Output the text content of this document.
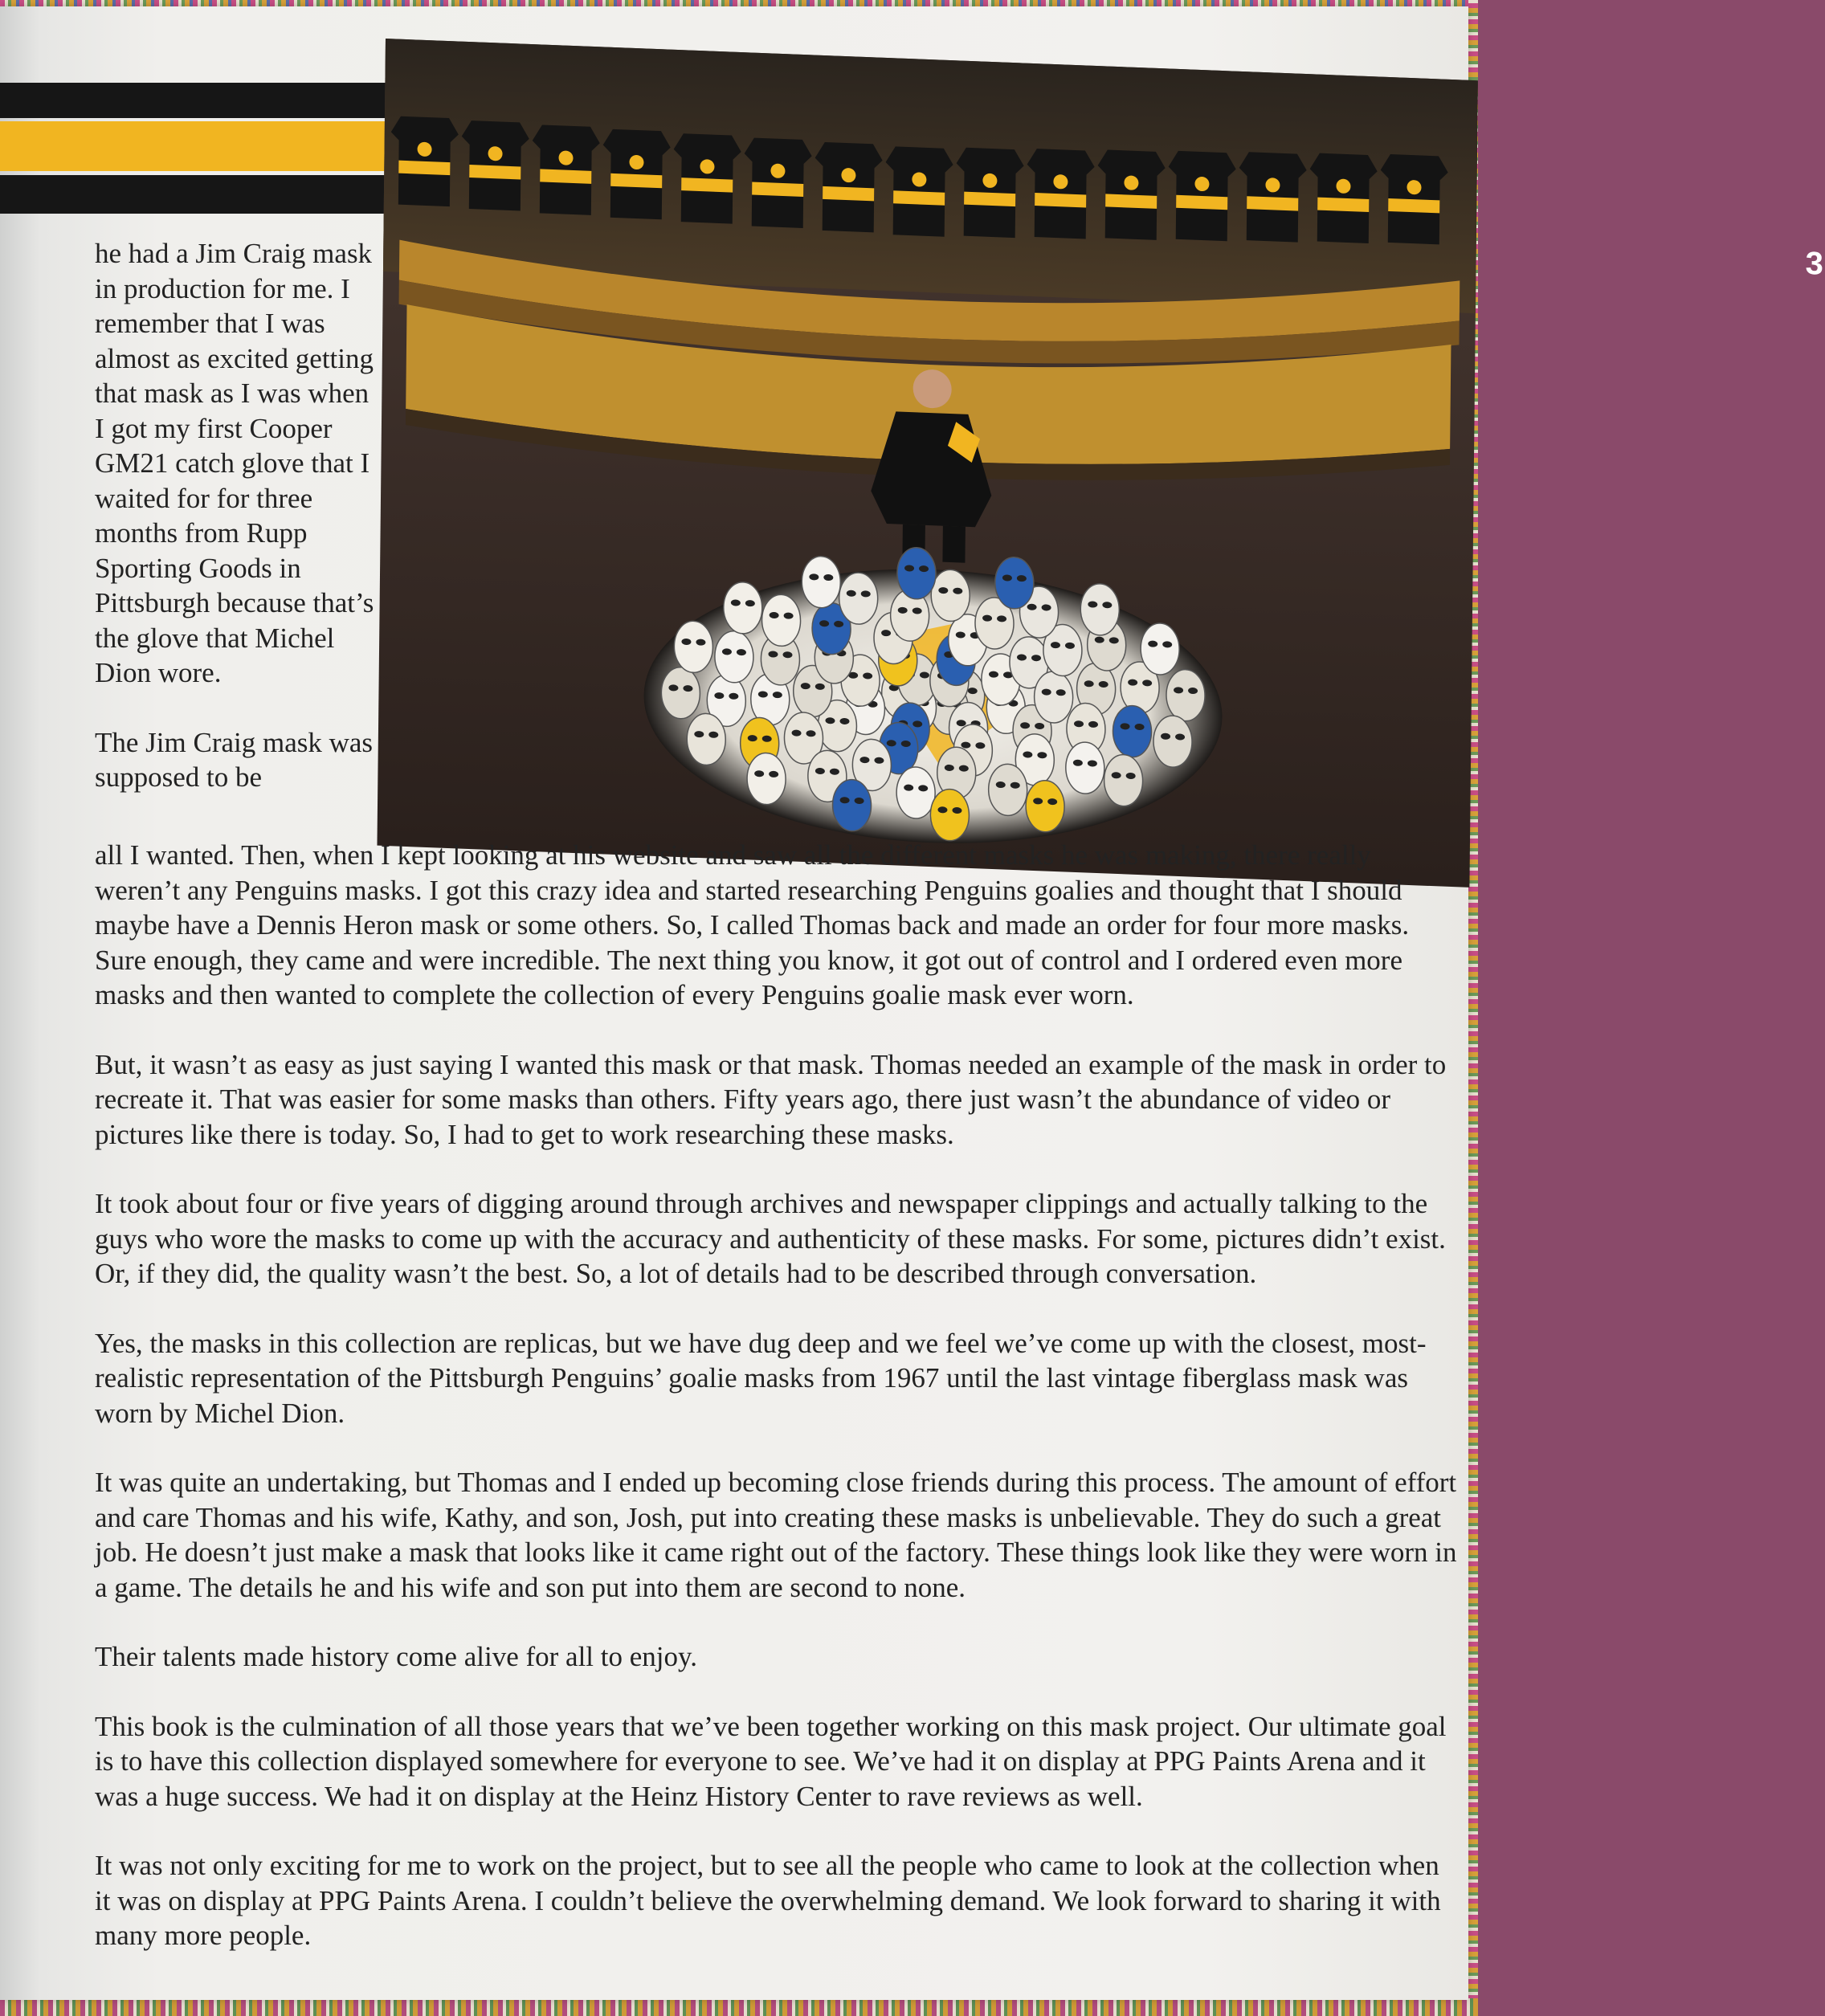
3

he had a Jim Craig mask in production for me. I remember that I was almost as excited getting that mask as I was when I got my first Cooper GM21 catch glove that I waited for for three months from Rupp Sporting Goods in Pittsburgh because that’s the glove that Michel Dion wore.

The Jim Craig mask was supposed to be

all I wanted. Then, when I kept looking at his website and saw all the different masks he was making, there really weren’t any Penguins masks. I got this crazy idea and started researching Penguins goalies and thought that I should maybe have a Dennis Heron mask or some others. So, I called Thomas back and made an order for four more masks. Sure enough, they came and were incredible. The next thing you know, it got out of control and I ordered even more masks and then wanted to complete the collection of every Penguins goalie mask ever worn.

But, it wasn’t as easy as just saying I wanted this mask or that mask. Thomas needed an example of the mask in order to recreate it. That was easier for some masks than others. Fifty years ago, there just wasn’t the abundance of video or pictures like there is today. So, I had to get to work researching these masks.

It took about four or five years of digging around through archives and newspaper clippings and actually talking to the guys who wore the masks to come up with the accuracy and authenticity of these masks. For some, pictures didn’t exist. Or, if they did, the quality wasn’t the best. So, a lot of details had to be described through conversation.

Yes, the masks in this collection are replicas, but we have dug deep and we feel we’ve come up with the closest, most-realistic representation of the Pittsburgh Penguins’ goalie masks from 1967 until the last vintage fiberglass mask was worn by Michel Dion.

It was quite an undertaking, but Thomas and I ended up becoming close friends during this process. The amount of effort and care Thomas and his wife, Kathy, and son, Josh, put into creating these masks is unbelievable. They do such a great job. He doesn’t just make a mask that looks like it came right out of the factory. These things look like they were worn in a game. The details he and his wife and son put into them are second to none.

Their talents made history come alive for all to enjoy.

This book is the culmination of all those years that we’ve been together working on this mask project. Our ultimate goal is to have this collection displayed somewhere for everyone to see. We’ve had it on display at PPG Paints Arena and it was a huge success. We had it on display at the Heinz History Center to rave reviews as well.

It was not only exciting for me to work on the project, but to see all the people who came to look at the collection when it was on display at PPG Paints Arena. I couldn’t believe the overwhelming demand. We look forward to sharing it with many more people.
